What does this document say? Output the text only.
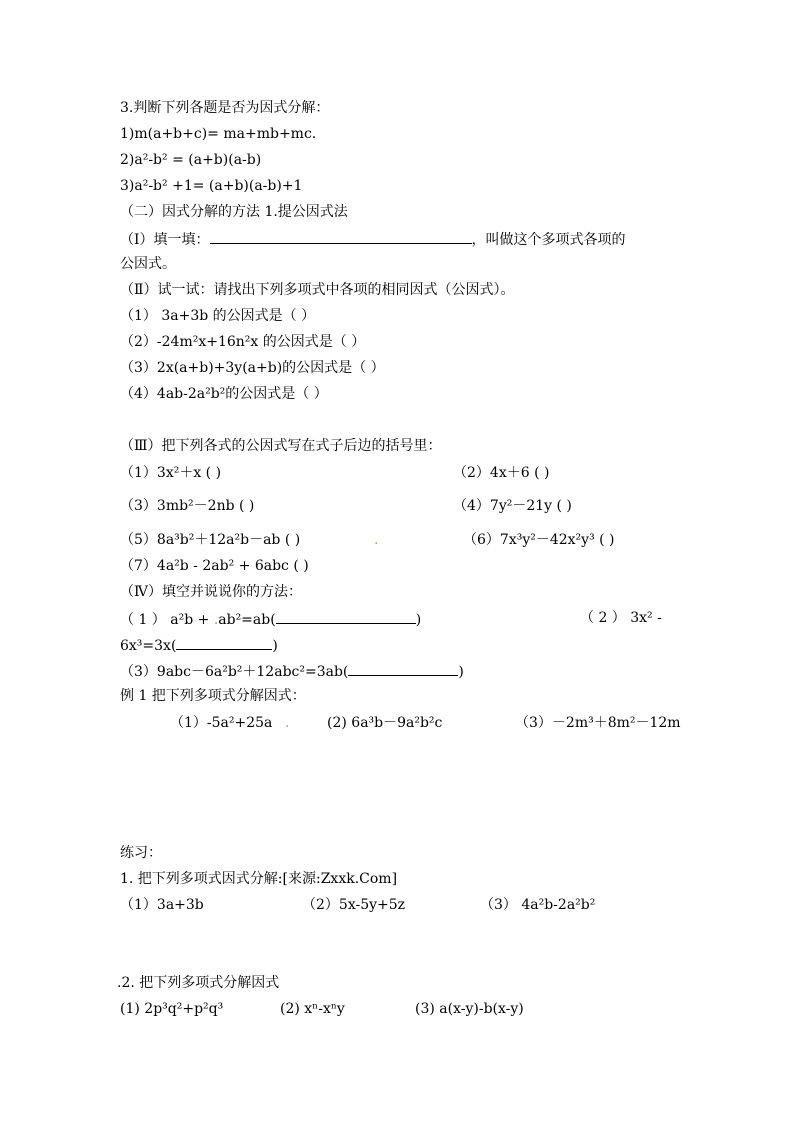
3.判断下列各题是否为因式分解：
1)m(a+b+c)= ma+mb+mc.
2)a²-b² = (a+b)(a-b)
3)a²-b² +1= (a+b)(a-b)+1
（二）因式分解的方法 1.提公因式法
（Ⅰ）填一填：	，叫做这个多项式各项的
公因式。
（Ⅱ）试一试：请找出下列多项式中各项的相同因式（公因式）。
（1） 3a+3b 的公因式是（ ）
（2）-24m²x+16n²x 的公因式是（ ）
（3）2x(a+b)+3y(a+b)的公因式是（ ）
（4）4ab-2a²b²的公因式是（ ）
（Ⅲ）把下列各式的公因式写在式子后边的括号里：
（1）3x²＋x ( )	（2）4x＋6 ( )
（3）3mb²－2nb ( )	（4）7y²－21y ( )
（5）8a³b²＋12a²b－ab ( )	.	（6）7x³y²－42x²y³ ( )
（7）4a²b - 2ab² + 6abc ( )
（Ⅳ）填空并说说你的方法：
（ 1 ） a²b + .ab²=ab(	)	（ 2 ） 3x² -
6x³=3x(	)
（3）9abc－6a²b²＋12abc²=3ab(	)
例 1 把下列多项式分解因式：
（1）-5a²+25a .	(2) 6a³b－9a²b²c	（3）－2m³＋8m²－12m
练习：
1. 把下列多项式因式分解:[来源:Zxxk.Com]
（1）3a+3b	（2）5x-5y+5z	（3） 4a²b-2a²b²
.2. 把下列多项式分解因式
(1) 2p³q²+p²q³	(2) xⁿ-xⁿy	(3) a(x-y)-b(x-y)
